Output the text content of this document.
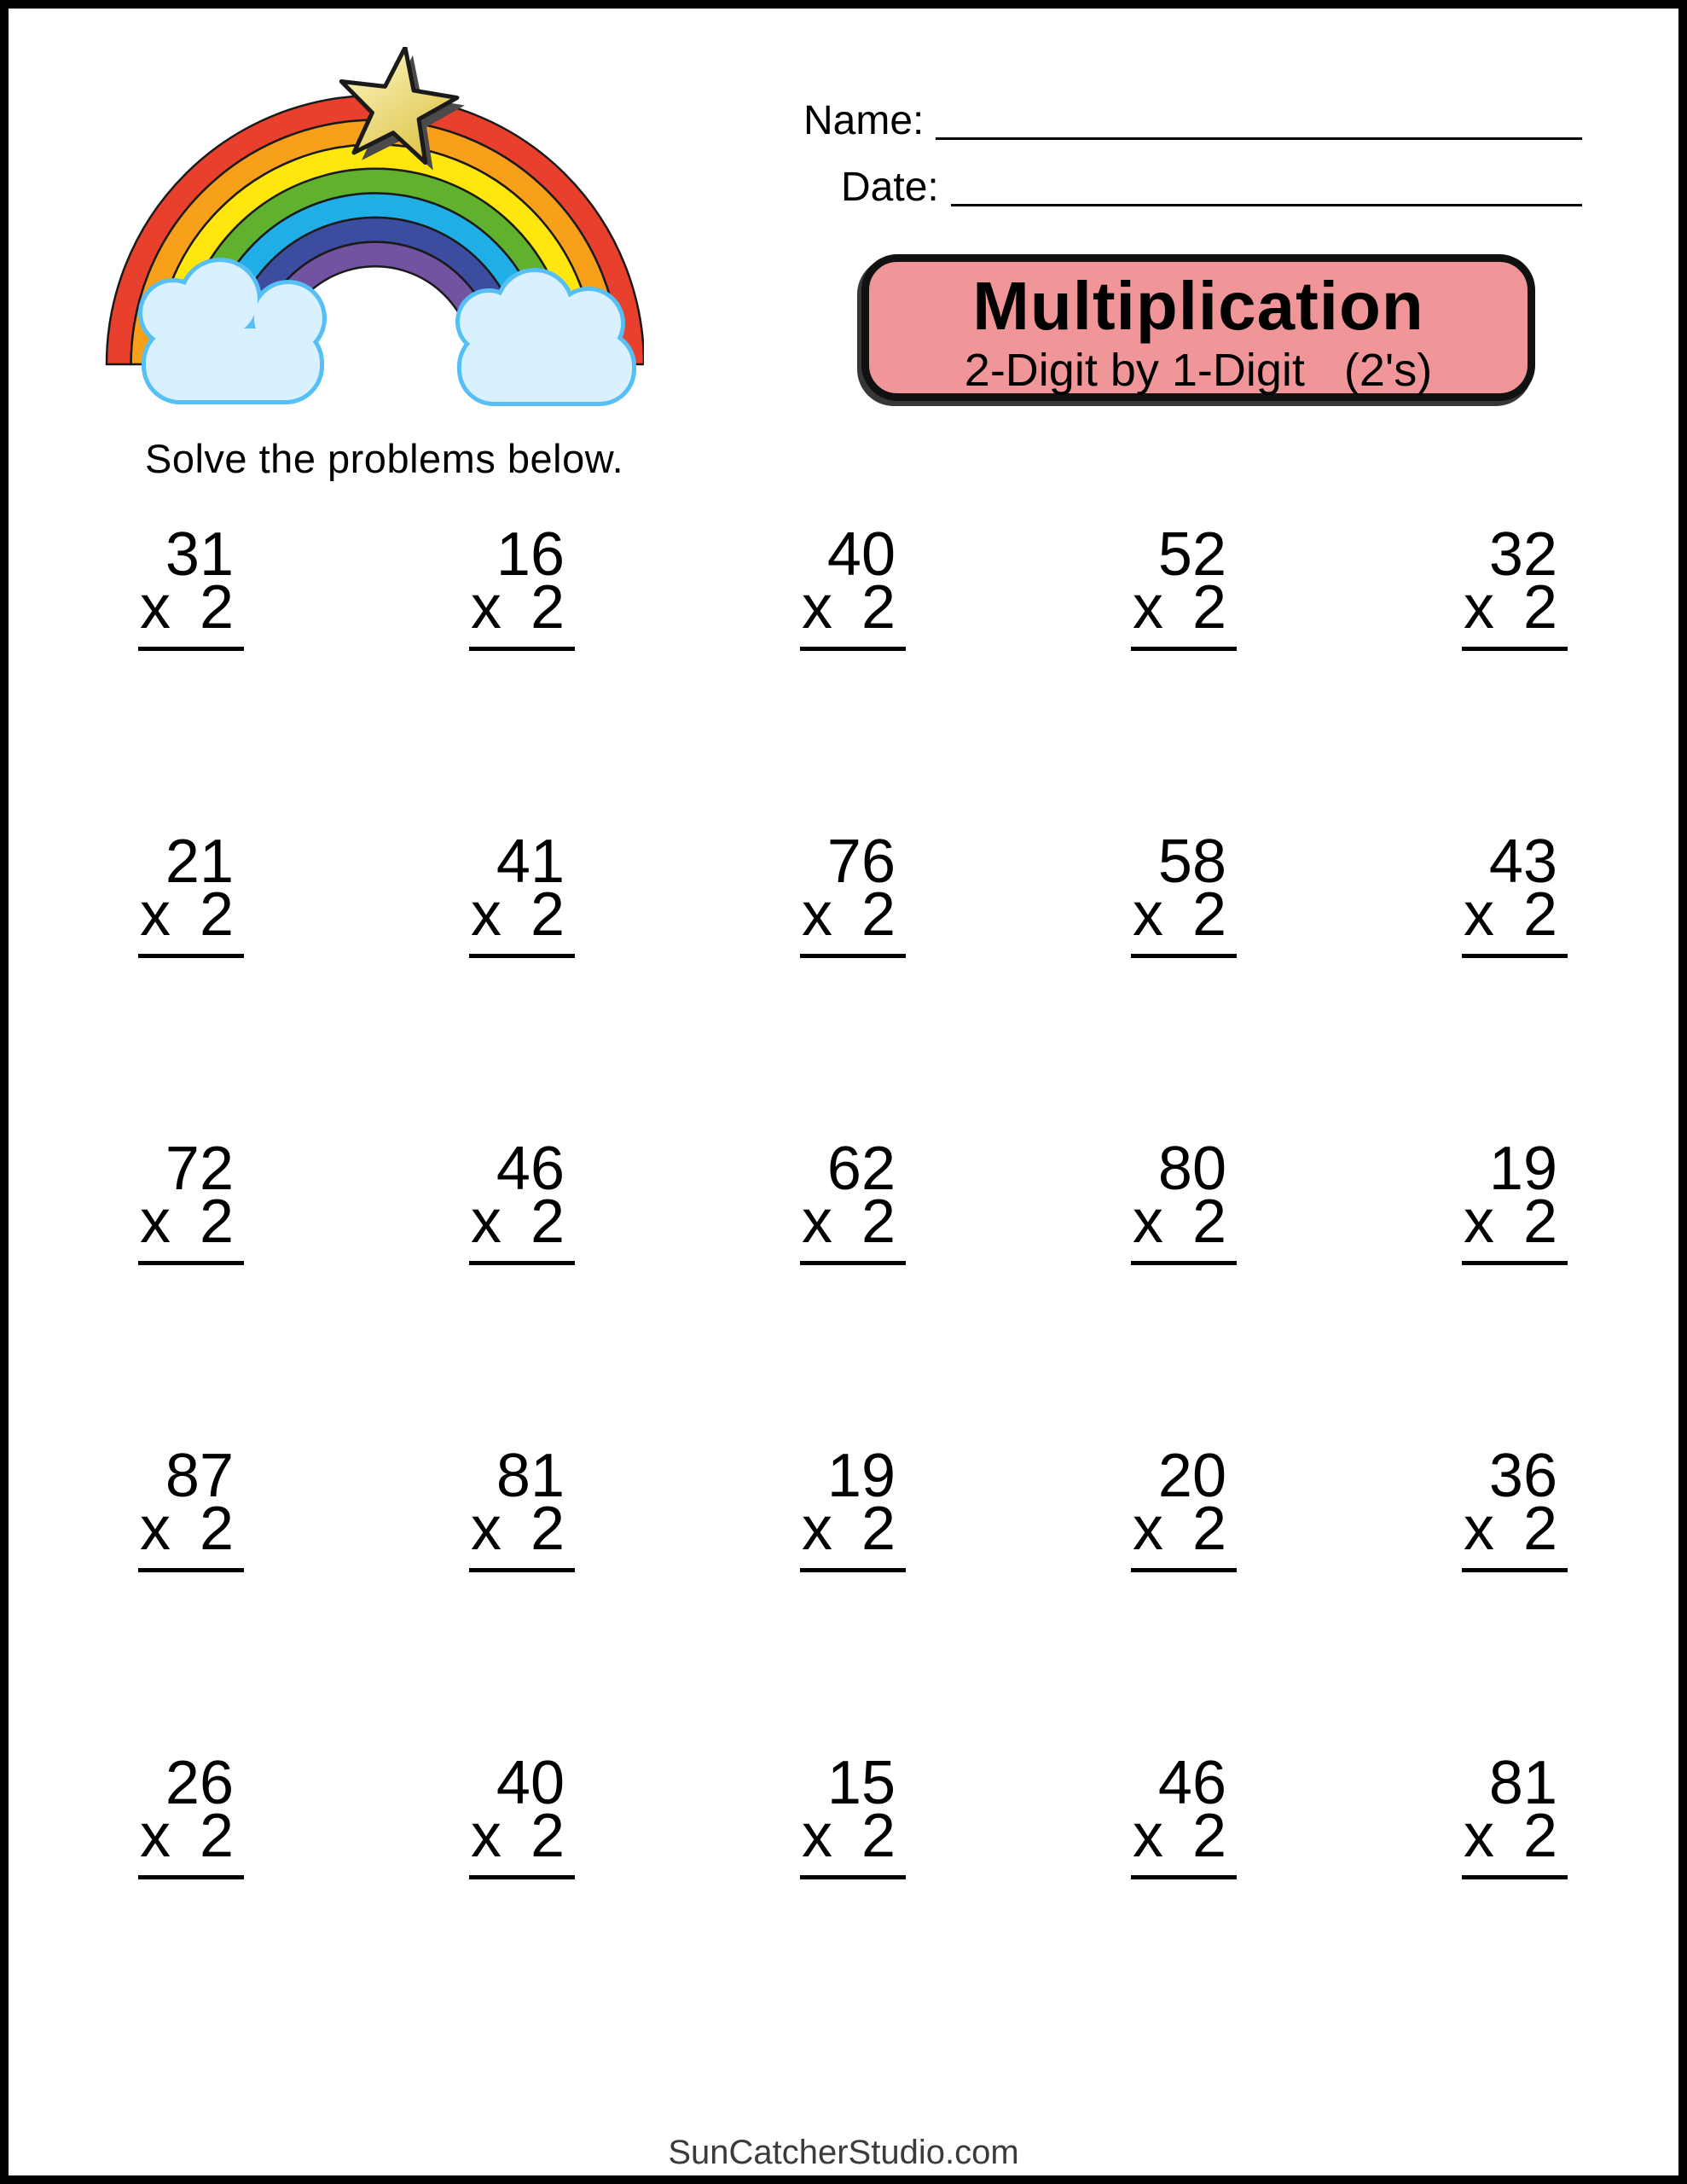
Solve the problems below.
Name:
Date:
Multiplication
2-Digit by 1-Digit (2's)
31
x 2
16
x 2
40
x 2
52
x 2
32
x 2
21
x 2
41
x 2
76
x 2
58
x 2
43
x 2
72
x 2
46
x 2
62
x 2
80
x 2
19
x 2
87
x 2
81
x 2
19
x 2
20
x 2
36
x 2
26
x 2
40
x 2
15
x 2
46
x 2
81
x 2
SunCatcherStudio.com
